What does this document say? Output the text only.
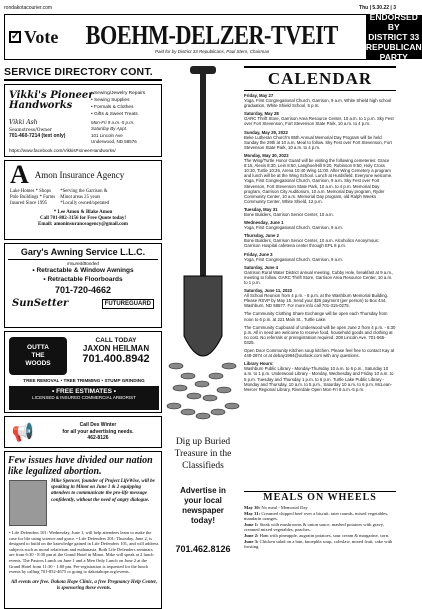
rondakotacourier.com	Thu | 5.30.22 | 3
✓ Vote BOEHM-DELZER-TVEIT
Paid for by District 33 Republicans, Paul Stern, Chairman
ENDORSED BY
DISTRICT 33
REPUBLICAN PARTY
SERVICE DIRECTORY CONT.
Vikki's Pioneer
Handworks
• Sewing/Jewelry Repairs
• Sewing Supplies
• Formals & Clothes
• Gifts & Sweet Treats
Vikki Ash
Seamstress/Owner
Mon-Fri 9 a.m.-5 p.m.
Saturday By Appt.
701-460-7214 (text only)	101 Lincoln Ave
Underwood, ND 58576
https://www.facebook.com/VikkisPioneerHandworks/
A Amon Insurance Agency
Lake Homes * Shops
Pole Buildings * Farms
Insured Since 1995
*Serving the Garrison &
Minot areas 25 years
*Locally owned/operated
* Lee Amon & Blake Amon
Call 701-802-3156 for Free Quote today!
Email: amoninsuranceagency@gmail.com
Gary's Awning Service L.L.C.
Insured/Bonded
• Retractable & Window Awnings
• Retractable Floorboards
701-720-4662
SunSetter	FUTUREGUARD
OUTTA
THE
WOODS
CALL TODAY
JAXON HEILMAN
701.400.8942
TREE REMOVAL • TREE TRIMMING • STUMP GRINDING
• FREE ESTIMATES •
LICENSED & INSURED COMMERCIAL ARBORIST
📢	Call Des Winter
for all your advertising needs.
462-8126
Few issues have divided our nation like legalized abortion.
Mike Spencer, founder of Project LifeWise, will be speaking in Minot on June 1 & 2 equipping attendees to communicate the pro-life message confidently, without the need of angry dialogue.
• Life Defenders 101: Wednesday, June 1, will help attendees learn to make the case for life using science and grace. • Life Defenders 201: Thursday, June 2, is designed to build on the knowledge gained in Life Defenders 101, and will address subjects such as moral relativism and euthanasia. Both Life Defenders seminars are from 6:30 - 8:30 pm at the Grand Hotel in Minot. Mike will speak at 2 lunch events. The Pastors Lunch on June 1 and a Men Only Lunch on June 2 at the Grand Hotel from 11:30 - 1:00 pm. Pre-registration is requested for the lunch events by calling 701-852-4675 or going to dakotahope.org/events.
All events are free. Dakota Hope Clinic, a free Pregnancy Help Center, is sponsoring these events.
Dig up Buried
Treasure in the
Classifieds
Advertise in
your local
newspaper
today!
701.462.8126
CALENDAR
Friday, May 27
Yoga, First Congregational Church, Garrison, 9 a.m. White Shield high school graduation, White Shield School, 5 p.m.
Saturday, May 28
GARC Thrift Store, Garrison Area Resource Center, 10 a.m. to 1 p.m. Sky Fest over Fort Stevenson, Fort Stevenson State Park, 10 a.m. to 4 p.m.
Sunday, May 29, 2022
Beke Lutheran Church's 85th Annual Memorial Day Program will be held Sunday the 29th at 10 a.m. Meal to follow. Sky Fest over Fort Stevenson, Fort Stevenson State Park, 10 a.m. to 4 p.m.
Monday, May 30, 2022
The Wing/Turtle Honor Guard will be visiting the following cemeteries: Grace 8:15, Alexis 8:30, Lein 8:50, Langhoe/Hill 9:20, Robinson 9:50, Holy Cross 10:10, Turtle 10:25, Arena 10:40 Wing 11:00. After Wing Cemetery a program and lunch will be at the Wing School. Lunch at Hurdsfield. Everyone welcome. Yoga, First Congregational Church, Garrison, 9 a.m. Sky Fest over Fort Stevenson, Fort Stevenson State Park, 10 a.m. to 4 p.m. Memorial Day program, Garrison City Auditorium, 10 a.m. Memorial Day program, Ryder Community Center, 10 a.m. Memorial Day program, old Ralph Weeks Community Center, White Shield, 12 p.m.
Tuesday, May 31
Bone Builders, Garrison Senior Center, 10 a.m.
Wednesday, June 1
Yoga, First Congregational Church, Garrison, 9 a.m.
Thursday, June 2
Bone Builders, Garrison Senior Center, 10 a.m. Alcoholics Anonymous: Garrison Hospital cafeteria center through EPL 8 p.m.
Friday, June 3
Yoga, First Congregational Church, Garrison, 9 a.m.
Saturday, June 4
Garrison Rural Water District annual meeting, Cubby Hole, breakfast at 9 a.m., meeting to follow. GARC Thrift Store, Garrison Area Resource Center, 10 a.m. to 1 p.m.
Saturday, June 11, 2022
All School Reunion from 4 p.m. - 6 p.m. at the Washburn Memorial Building. Please RSVP by May 15. Send your $25 payment (per person) to Box 444, Washburn, ND 58577. For more info call 701-315-0275.
The Community Clothing Share Exchange will be open each Thursday from noon to 6 p.m. at 221 Main St., Turtle Lake.
The Community Cupboard of Underwood will be open June 2 from 4 p.m. - 6:30 p.m. All in need are welcome to receive food, household goods and clothing at no cost. No referrals or preregistration required. 208 Lincoln Ave. 701-565-0325.
Open Door Community Kitchen soup kitchen. Please feel free to contact Kay at 448-2874 or at debay1984@outlook.com with any questions.
Library Hours:
Washburn Public Library - Monday-Thursday 10 a.m. to 6 p.m., Saturday 10 a.m. to 1 p.m. Underwood Library - Monday, Wednesday and Friday 10 a.m. to 5 p.m. Tuesday and Thursday 1 p.m. to 6 p.m. Turtle Lake Public Library - Monday and Thursday, 10 a.m. to 5 p.m., Saturday 10 a.m. to 6 p.m. McLean-Mercer Regional Library, Riverdale Open Mon-Fri 8 a.m.-5 p.m.
MEALS ON WHEELS
May 30: No meal - Memorial Day
May 31: Creamed chipped beef over a biscuit, tater rounds, mixed vegetables, mandarin oranges.
June 1: Steak with mushrooms & onion sauce, mashed potatoes with gravy, creamed mixed vegetables, peaches.
June 2: Ham with pineapple, augratin potatoes, sour cream & margarine, corn.
June 3: Chicken salad on a bun, knoephla soup, coleslaw, mixed fruit, cake with frosting.
